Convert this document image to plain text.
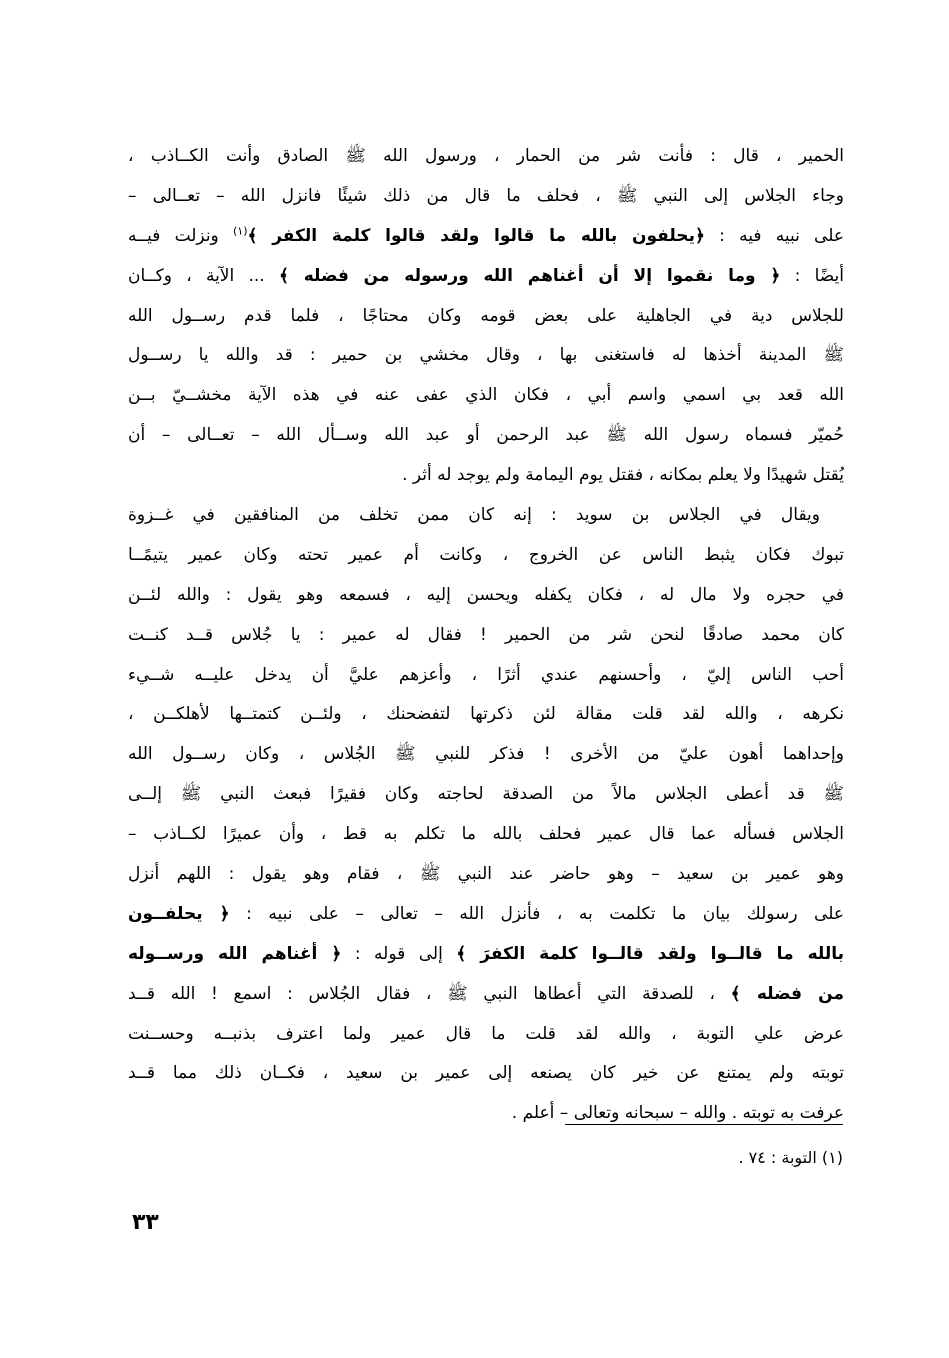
الحمير ، قال : فأنت شر من الحمار ، ورسول الله ﷺ الصادق وأنت الكــاذب ،
وجاء الجلاس إلى النبي ﷺ ، فحلف ما قال من ذلك شيئًا فانزل الله – تعــالى –
على نبيه فيه : ﴿يحلفون بالله ما قالوا ولقد قالوا كلمة الكفر ﴾$^{(١)}$ ونزلت فيــه
أيضًا : ﴿ وما نقموا إلا أن أغناهم الله ورسوله من فضله ﴾ ... الآية ، وكــان
للجلاس دية في الجاهلية على بعض قومه وكان محتاجًا ، فلما قدم رســول الله
ﷺ المدينة أخذها له فاستغنى بها ، وقال مخشي بن حمير : قد والله يا رســول
الله قعد بي اسمي واسم أبي ، فكان الذي عفى عنه في هذه الآية مخشــيّ بــن
حُميّر فسماه رسول الله ﷺ عبد الرحمن أو عبد الله وســأل الله – تعــالى – أن
يُقتل شهيدًا ولا يعلم بمكانه ، فقتل يوم اليمامة ولم يوجد له أثر .
ويقال في الجلاس بن سويد : إنه كان ممن تخلف من المنافقين في غــزوة
تبوك فكان يثبط الناس عن الخروج ، وكانت أم عمير تحته وكان عمير يتيمًــا
في حجره ولا مال له ، فكان يكفله ويحسن إليه ، فسمعه وهو يقول : والله لئــن
كان محمد صادقًا لنحن شر من الحمير ! فقال له عمير : يا جُلاس قــد كنــت
أحب الناس إليّ ، وأحسنهم عندي أثرًا ، وأعزهم عليَّ أن يدخل عليــه شــيء
نكرهه ، والله لقد قلت مقالة لئن ذكرتها لتفضحنك ، ولئــن كتمتــها لأهلكــن ،
وإحداهما أهون عليّ من الأخرى ! فذكر للنبي ﷺ الجُلاس ، وكان رســول الله
ﷺ قد أعطى الجلاس مالاً من الصدقة لحاجته وكان فقيرًا فبعث النبي ﷺ إلــى
الجلاس فسأله عما قال عمير فحلف بالله ما تكلم به قط ، وأن عميرًا لكــاذب –
وهو عمير بن سعيد – وهو حاضر عند النبي ﷺ ، فقام وهو يقول : اللهم أنزل
على رسولك بيان ما تكلمت به ، فأنزل الله – تعالى – على نبيه : ﴿ يحلفــون
بالله ما قالــوا ولقد قالــوا كلمة الكفرَ ﴾ إلى قوله : ﴿ أغناهم الله ورســوله
من فضله ﴾ ، للصدقة التي أعطاها النبي ﷺ ، فقال الجُلاس : اسمع ! الله قــد
عرض علي التوبة ، والله لقد قلت ما قال عمير ولما اعترف بذنبــه وحســنت
توبته ولم يمتنع عن خير كان يصنعه إلى عمير بن سعيد ، فكــان ذلك مما قــد
عرفت به توبته . والله – سبحانه وتعالى – أعلم .
(١) التوبة : ٧٤ .
٣٣
